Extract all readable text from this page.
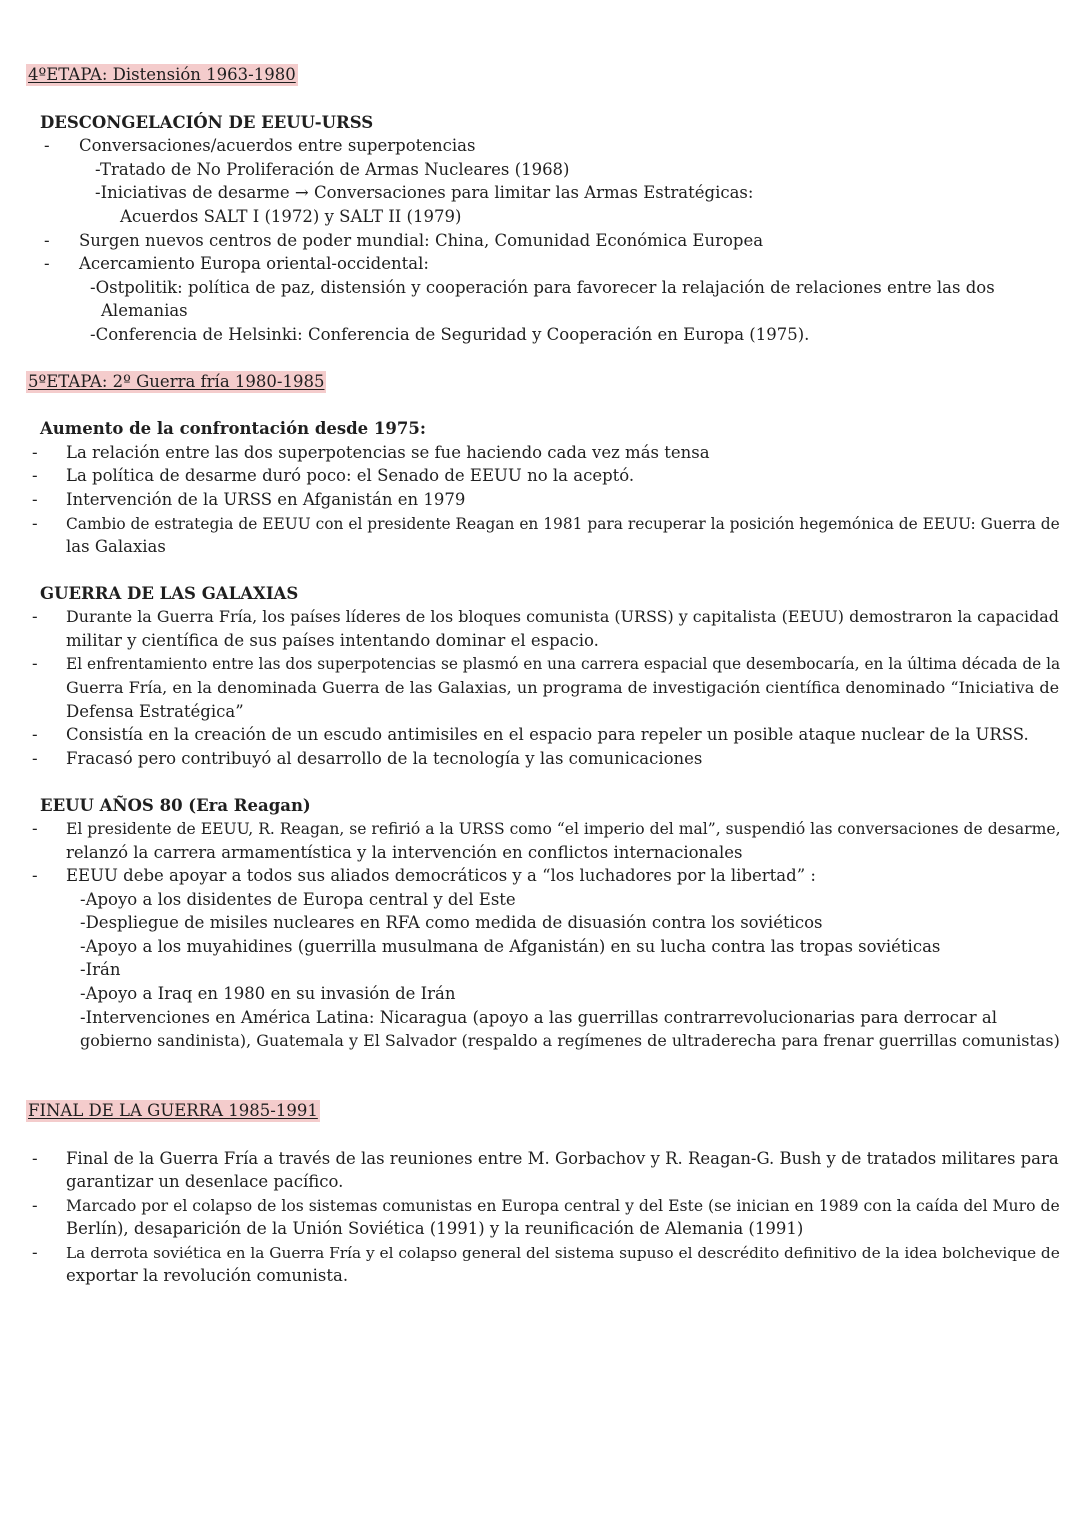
4ºETAPA: Distensión 1963-1980
DESCONGELACIÓN DE EEUU-URSS
- Conversaciones/acuerdos entre superpotencias
-Tratado de No Proliferación de Armas Nucleares (1968)
-Iniciativas de desarme → Conversaciones para limitar las Armas Estratégicas:
Acuerdos SALT I (1972) y SALT II (1979)
- Surgen nuevos centros de poder mundial: China, Comunidad Económica Europea
- Acercamiento Europa oriental-occidental:
-Ostpolitik: política de paz, distensión y cooperación para favorecer la relajación de relaciones entre las dos
Alemanias
-Conferencia de Helsinki: Conferencia de Seguridad y Cooperación en Europa (1975).
5ºETAPA: 2º Guerra fría 1980-1985
Aumento de la confrontación desde 1975:
- La relación entre las dos superpotencias se fue haciendo cada vez más tensa
- La política de desarme duró poco: el Senado de EEUU no la aceptó.
- Intervención de la URSS en Afganistán en 1979
- Cambio de estrategia de EEUU con el presidente Reagan en 1981 para recuperar la posición hegemónica de EEUU: Guerra de
las Galaxias
GUERRA DE LAS GALAXIAS
- Durante la Guerra Fría, los países líderes de los bloques comunista (URSS) y capitalista (EEUU) demostraron la capacidad
militar y científica de sus países intentando dominar el espacio.
- El enfrentamiento entre las dos superpotencias se plasmó en una carrera espacial que desembocaría, en la última década de la
Guerra Fría, en la denominada Guerra de las Galaxias, un programa de investigación científica denominado “Iniciativa de
Defensa Estratégica”
- Consistía en la creación de un escudo antimisiles en el espacio para repeler un posible ataque nuclear de la URSS.
- Fracasó pero contribuyó al desarrollo de la tecnología y las comunicaciones
EEUU AÑOS 80 (Era Reagan)
- El presidente de EEUU, R. Reagan, se refirió a la URSS como “el imperio del mal”, suspendió las conversaciones de desarme,
relanzó la carrera armamentística y la intervención en conflictos internacionales
- EEUU debe apoyar a todos sus aliados democráticos y a “los luchadores por la libertad” :
-Apoyo a los disidentes de Europa central y del Este
-Despliegue de misiles nucleares en RFA como medida de disuasión contra los soviéticos
-Apoyo a los muyahidines (guerrilla musulmana de Afganistán) en su lucha contra las tropas soviéticas
-Irán
-Apoyo a Iraq en 1980 en su invasión de Irán
-Intervenciones en América Latina: Nicaragua (apoyo a las guerrillas contrarrevolucionarias para derrocar al
gobierno sandinista), Guatemala y El Salvador (respaldo a regímenes de ultraderecha para frenar guerrillas comunistas)
FINAL DE LA GUERRA 1985-1991
- Final de la Guerra Fría a través de las reuniones entre M. Gorbachov y R. Reagan-G. Bush y de tratados militares para
garantizar un desenlace pacífico.
- Marcado por el colapso de los sistemas comunistas en Europa central y del Este (se inician en 1989 con la caída del Muro de
Berlín), desaparición de la Unión Soviética (1991) y la reunificación de Alemania (1991)
- La derrota soviética en la Guerra Fría y el colapso general del sistema supuso el descrédito definitivo de la idea bolchevique de
exportar la revolución comunista.
